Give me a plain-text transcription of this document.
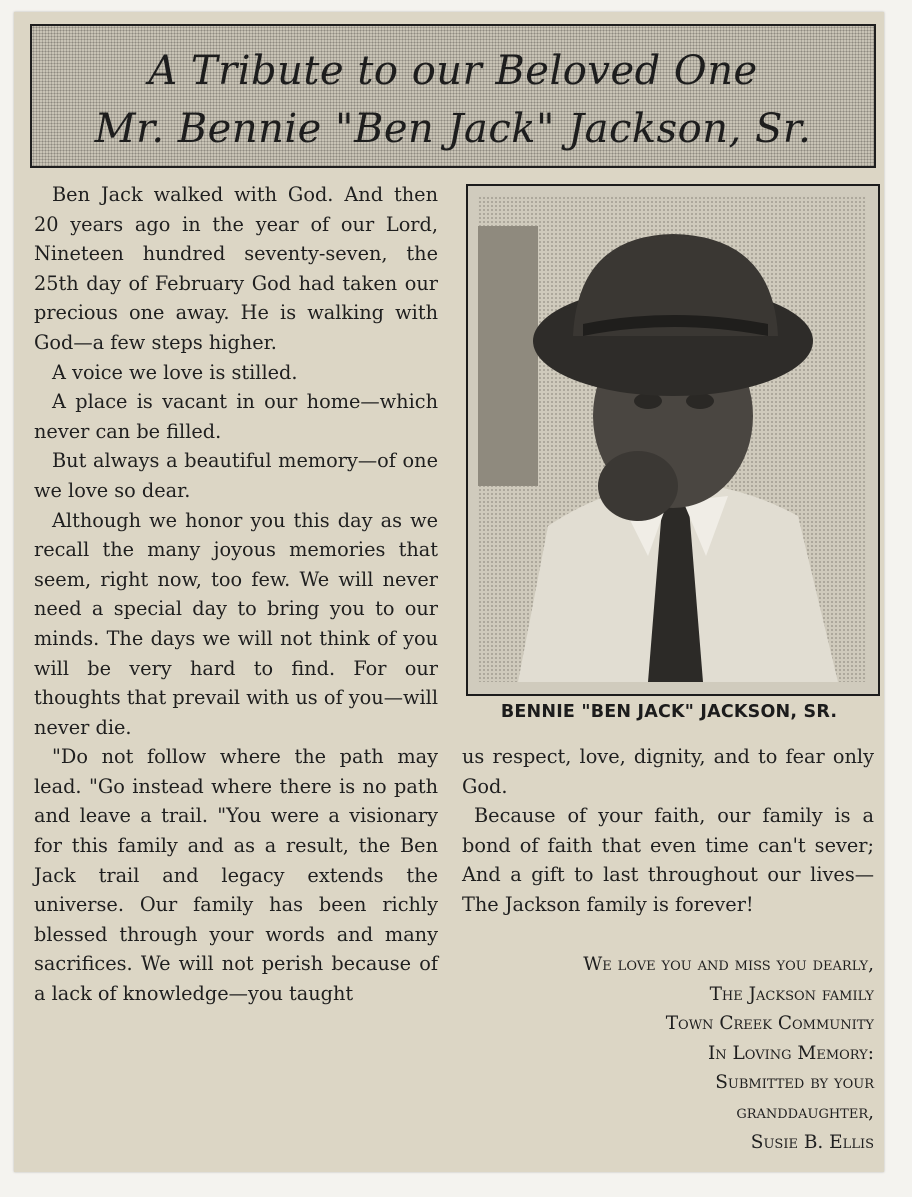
A Tribute to our Beloved One
Mr. Bennie "Ben Jack" Jackson, Sr.

Ben Jack walked with God. And then 20 years ago in the year of our Lord, Nineteen hundred seventy-seven, the 25th day of February God had taken our precious one away. He is walking with God—a few steps higher.

A voice we love is stilled.

A place is vacant in our home—which never can be filled.

But always a beautiful memory—of one we love so dear.

Although we honor you this day as we recall the many joyous memories that seem, right now, too few. We will never need a special day to bring you to our minds. The days we will not think of you will be very hard to find. For our thoughts that prevail with us of you—will never die.

"Do not follow where the path may lead. "Go instead where there is no path and leave a trail. "You were a visionary for this family and as a result, the Ben Jack trail and legacy extends the universe. Our family has been richly blessed through your words and many sacrifices. We will not perish because of a lack of knowledge—you taught

BENNIE "BEN JACK" JACKSON, SR.

us respect, love, dignity, and to fear only God.

Because of your faith, our family is a bond of faith that even time can't sever; And a gift to last throughout our lives—The Jackson family is forever!

We love you and miss you dearly,
The Jackson family
Town Creek Community
In Loving Memory:
Submitted by your
granddaughter,
Susie B. Ellis
